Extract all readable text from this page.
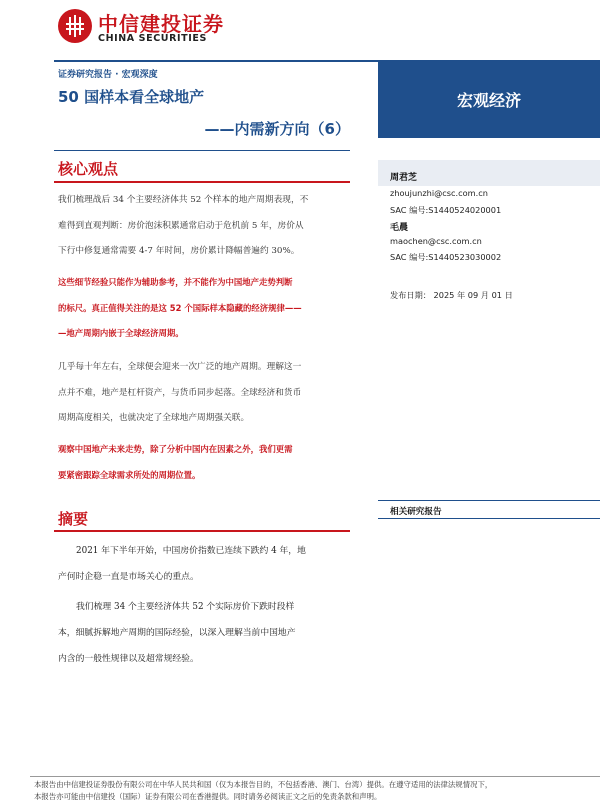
中信建投证券
CHINA SECURITIES
证券研究报告 · 宏观深度
50 国样本看全球地产
——内需新方向（6）
宏观经济
核心观点
我们梳理战后 34 个主要经济体共 52 个样本的地产周期表现，不
难得到直观判断：房价泡沫积累通常启动于危机前 5 年，房价从
下行中修复通常需要 4-7 年时间，房价累计降幅普遍约 30%。
这些细节经验只能作为辅助参考，并不能作为中国地产走势判断
的标尺。真正值得关注的是这 52 个国际样本隐藏的经济规律——
—地产周期内嵌于全球经济周期。
几乎每十年左右，全球便会迎来一次广泛的地产周期。理解这一
点并不难，地产是杠杆资产，与货币同步起落。全球经济和货币
周期高度相关，也就决定了全球地产周期强关联。
观察中国地产未来走势，除了分析中国内在因素之外，我们更需
要紧密跟踪全球需求所处的周期位置。
摘要
2021 年下半年开始，中国房价指数已连续下跌约 4 年，地
产何时企稳一直是市场关心的重点。
我们梳理 34 个主要经济体共 52 个实际房价下跌时段样
本，细腻拆解地产周期的国际经验，以深入理解当前中国地产
内含的一般性规律以及超常规经验。
周君芝
zhoujunzhi@csc.com.cn
SAC 编号:S1440524020001
毛晨
maochen@csc.com.cn
SAC 编号:S1440523030002
发布日期： 2025 年 09 月 01 日
相关研究报告
本报告由中信建投证券股份有限公司在中华人民共和国（仅为本报告目的，不包括香港、澳门、台湾）提供。在遵守适用的法律法规情况下，
本报告亦可能由中信建投（国际）证券有限公司在香港提供。同时请务必阅读正文之后的免责条款和声明。
